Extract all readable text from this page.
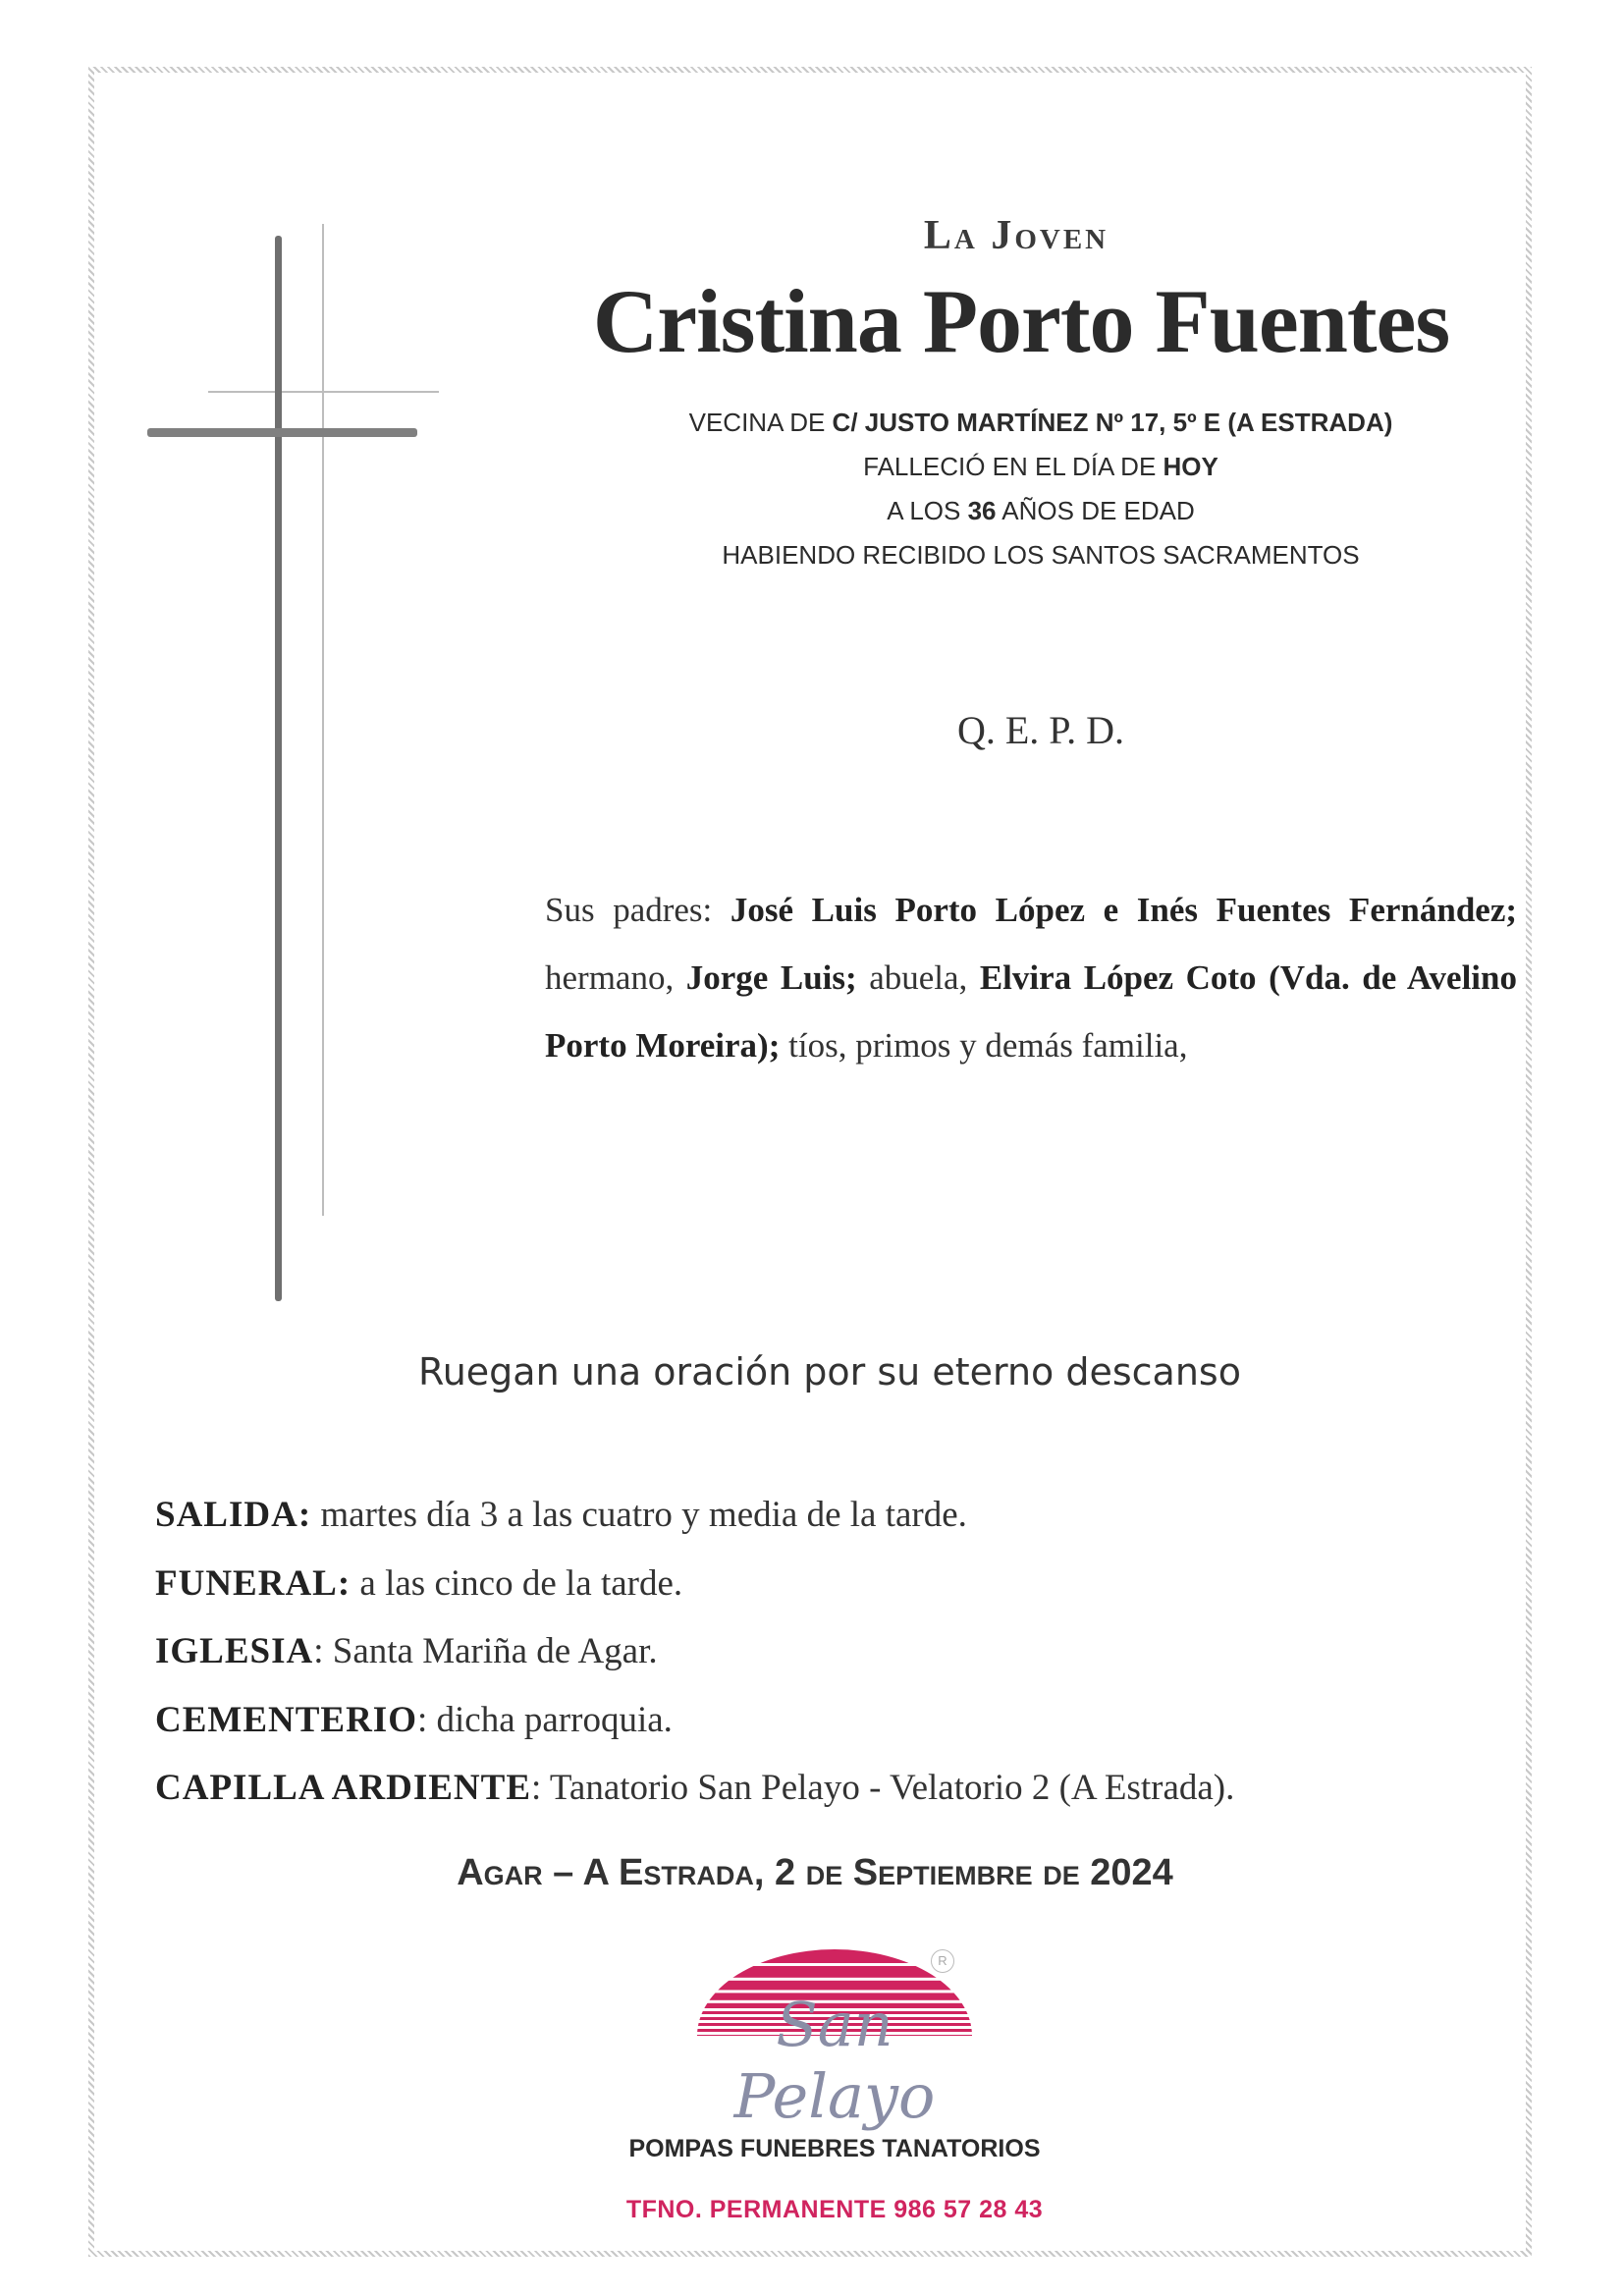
La Joven
Cristina Porto Fuentes
VECINA DE C/ JUSTO MARTÍNEZ Nº 17, 5º E (A ESTRADA)
FALLECIÓ EN EL DÍA DE HOY
A LOS 36 AÑOS DE EDAD
HABIENDO RECIBIDO LOS SANTOS SACRAMENTOS
Q. E. P. D.
Sus padres: José Luis Porto López e Inés Fuentes Fernández; hermano, Jorge Luis; abuela, Elvira López Coto (Vda. de Avelino Porto Moreira); tíos, primos y demás familia,
Ruegan una oración por su eterno descanso
SALIDA: martes día 3 a las cuatro y media de la tarde.
FUNERAL: a las cinco de la tarde.
IGLESIA: Santa Mariña de Agar.
CEMENTERIO: dicha parroquia.
CAPILLA ARDIENTE: Tanatorio San Pelayo - Velatorio 2 (A Estrada).
Agar – A Estrada, 2 de Septiembre de 2024
R
San Pelayo
POMPAS FUNEBRES TANATORIOS
TFNO. PERMANENTE 986 57 28 43
